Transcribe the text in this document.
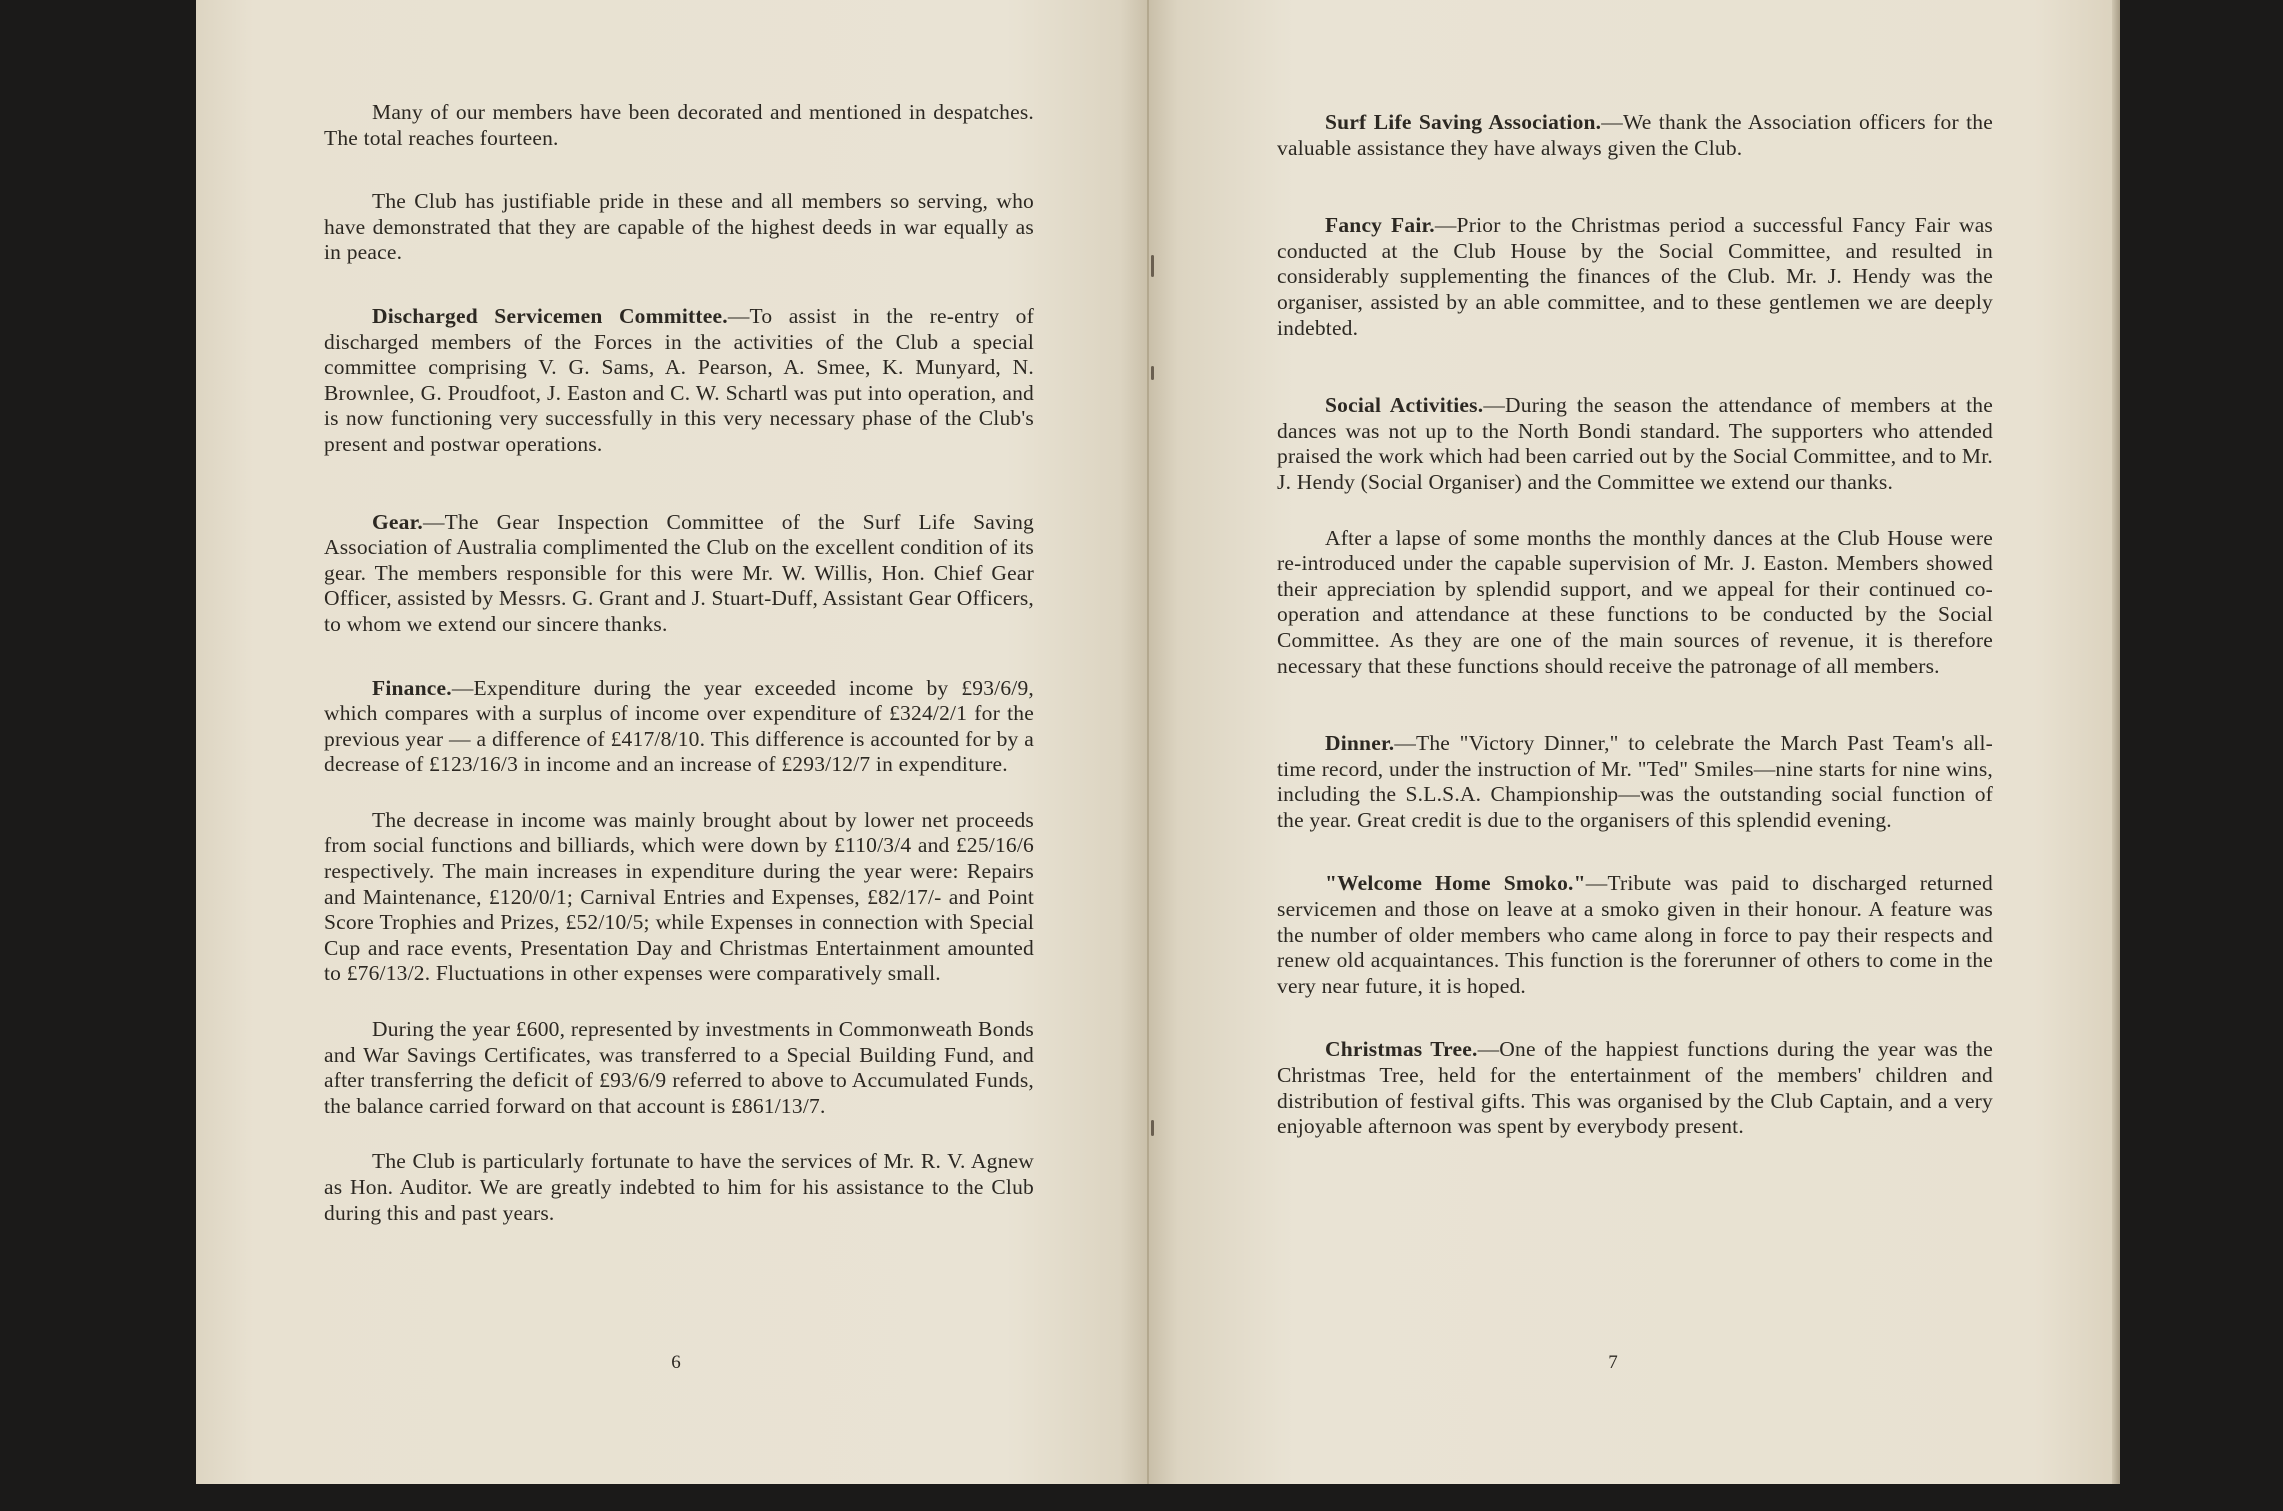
Many of our members have been decorated and mentioned in despatches. The total reaches fourteen.

The Club has justifiable pride in these and all members so serving, who have demonstrated that they are capable of the highest deeds in war equally as in peace.

Discharged Servicemen Committee.—To assist in the re-entry of discharged members of the Forces in the activities of the Club a special committee comprising V. G. Sams, A. Pearson, A. Smee, K. Munyard, N. Brownlee, G. Proudfoot, J. Easton and C. W. Schartl was put into operation, and is now functioning very successfully in this very necessary phase of the Club's present and postwar operations.

Gear.—The Gear Inspection Committee of the Surf Life Saving Association of Australia complimented the Club on the excellent condition of its gear. The members responsible for this were Mr. W. Willis, Hon. Chief Gear Officer, assisted by Messrs. G. Grant and J. Stuart-Duff, Assistant Gear Officers, to whom we extend our sincere thanks.

Finance.—Expenditure during the year exceeded income by £93/6/9, which compares with a surplus of income over expenditure of £324/2/1 for the previous year — a difference of £417/8/10. This difference is accounted for by a decrease of £123/16/3 in income and an increase of £293/12/7 in expenditure.

The decrease in income was mainly brought about by lower net proceeds from social functions and billiards, which were down by £110/3/4 and £25/16/6 respectively. The main increases in expenditure during the year were: Repairs and Maintenance, £120/0/1; Carnival Entries and Expenses, £82/17/- and Point Score Trophies and Prizes, £52/10/5; while Expenses in connection with Special Cup and race events, Presentation Day and Christmas Entertainment amounted to £76/13/2. Fluctuations in other expenses were comparatively small.

During the year £600, represented by investments in Commonweath Bonds and War Savings Certificates, was transferred to a Special Building Fund, and after transferring the deficit of £93/6/9 referred to above to Accumulated Funds, the balance carried forward on that account is £861/13/7.

The Club is particularly fortunate to have the services of Mr. R. V. Agnew as Hon. Auditor. We are greatly indebted to him for his assistance to the Club during this and past years.

6

Surf Life Saving Association.—We thank the Association officers for the valuable assistance they have always given the Club.

Fancy Fair.—Prior to the Christmas period a successful Fancy Fair was conducted at the Club House by the Social Committee, and resulted in considerably supplementing the finances of the Club. Mr. J. Hendy was the organiser, assisted by an able committee, and to these gentlemen we are deeply indebted.

Social Activities.—During the season the attendance of members at the dances was not up to the North Bondi standard. The supporters who attended praised the work which had been carried out by the Social Committee, and to Mr. J. Hendy (Social Organiser) and the Committee we extend our thanks.

After a lapse of some months the monthly dances at the Club House were re-introduced under the capable supervision of Mr. J. Easton. Members showed their appreciation by splendid support, and we appeal for their continued co-operation and attendance at these functions to be conducted by the Social Committee. As they are one of the main sources of revenue, it is therefore necessary that these functions should receive the patronage of all members.

Dinner.—The "Victory Dinner," to celebrate the March Past Team's all-time record, under the instruction of Mr. "Ted" Smiles—nine starts for nine wins, including the S.L.S.A. Championship—was the outstanding social function of the year. Great credit is due to the organisers of this splendid evening.

"Welcome Home Smoko."—Tribute was paid to discharged returned servicemen and those on leave at a smoko given in their honour. A feature was the number of older members who came along in force to pay their respects and renew old acquaintances. This function is the forerunner of others to come in the very near future, it is hoped.

Christmas Tree.—One of the happiest functions during the year was the Christmas Tree, held for the entertainment of the members' children and distribution of festival gifts. This was organised by the Club Captain, and a very enjoyable afternoon was spent by everybody present.

7
